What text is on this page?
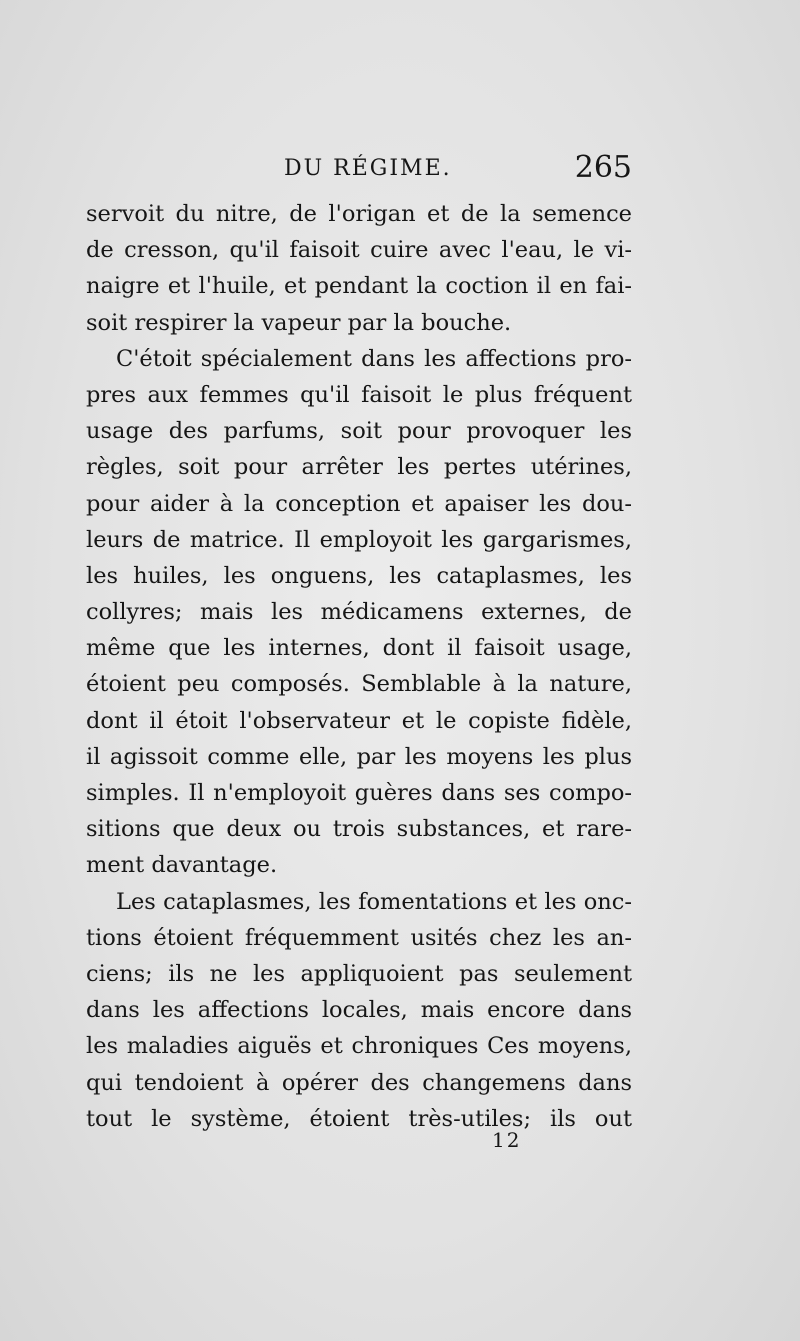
DU RÉGIME.	265
servoit du nitre, de l'origan et de la semence
de cresson, qu'il faisoit cuire avec l'eau, le vi-
naigre et l'huile, et pendant la coction il en fai-
soit respirer la vapeur par la bouche.
C'étoit spécialement dans les affections pro-
pres aux femmes qu'il faisoit le plus fréquent
usage des parfums, soit pour provoquer les
règles, soit pour arrêter les pertes utérines,
pour aider à la conception et apaiser les dou-
leurs de matrice. Il employoit les gargarismes,
les huiles, les onguens, les cataplasmes, les
collyres; mais les médicamens externes, de
même que les internes, dont il faisoit usage,
étoient peu composés. Semblable à la nature,
dont il étoit l'observateur et le copiste fidèle,
il agissoit comme elle, par les moyens les plus
simples. Il n'employoit guères dans ses compo-
sitions que deux ou trois substances, et rare-
ment davantage.
Les cataplasmes, les fomentations et les onc-
tions étoient fréquemment usités chez les an-
ciens; ils ne les appliquoient pas seulement
dans les affections locales, mais encore dans
les maladies aiguës et chroniques Ces moyens,
qui tendoient à opérer des changemens dans
tout le système, étoient très-utiles; ils out
12
